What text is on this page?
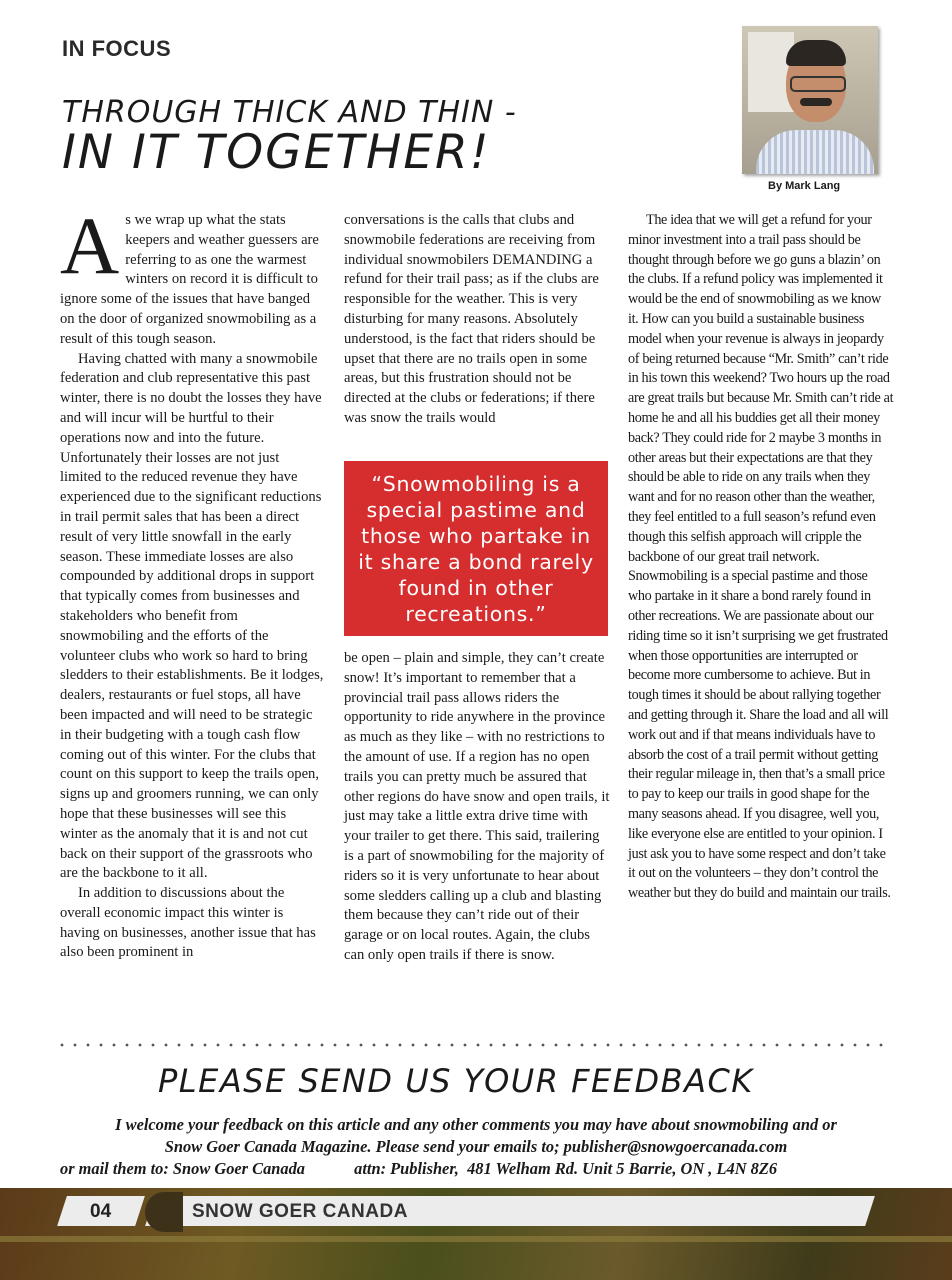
IN FOCUS
THROUGH THICK AND THIN -
IN IT TOGETHER!
By Mark Lang

As we wrap up what the stats keepers and weather guessers are referring to as one the warmest winters on record it is difficult to ignore some of the issues that have banged on the door of organized snowmobiling as a result of this tough season.

Having chatted with many a snowmobile federation and club representative this past winter, there is no doubt the losses they have and will incur will be hurtful to their operations now and into the future. Unfortunately their losses are not just limited to the reduced revenue they have experienced due to the significant reductions in trail permit sales that has been a direct result of very little snowfall in the early season. These immediate losses are also compounded by additional drops in support that typically comes from businesses and stakeholders who benefit from snowmobiling and the efforts of the volunteer clubs who work so hard to bring sledders to their establishments. Be it lodges, dealers, restaurants or fuel stops, all have been impacted and will need to be strategic in their budgeting with a tough cash flow coming out of this winter. For the clubs that count on this support to keep the trails open, signs up and groomers running, we can only hope that these businesses will see this winter as the anomaly that it is and not cut back on their support of the grassroots who are the backbone to it all.

In addition to discussions about the overall economic impact this winter is having on businesses, another issue that has also been prominent in

conversations is the calls that clubs and snowmobile federations are receiving from individual snowmobilers DEMANDING a refund for their trail pass; as if the clubs are responsible for the weather. This is very disturbing for many reasons. Absolutely understood, is the fact that riders should be upset that there are no trails open in some areas, but this frustration should not be directed at the clubs or federations; if there was snow the trails would

“Snowmobiling is a special pastime and those who partake in it share a bond rarely found in other recreations.”

be open – plain and simple, they can’t create snow! It’s important to remember that a provincial trail pass allows riders the opportunity to ride anywhere in the province as much as they like – with no restrictions to the amount of use. If a region has no open trails you can pretty much be assured that other regions do have snow and open trails, it just may take a little extra drive time with your trailer to get there. This said, trailering is a part of snowmobiling for the majority of riders so it is very unfortunate to hear about some sledders calling up a club and blasting them because they can’t ride out of their garage or on local routes. Again, the clubs can only open trails if there is snow.

The idea that we will get a refund for your minor investment into a trail pass should be thought through before we go guns a blazin’ on the clubs. If a refund policy was implemented it would be the end of snowmobiling as we know it. How can you build a sustainable business model when your revenue is always in jeopardy of being returned because “Mr. Smith” can’t ride in his town this weekend? Two hours up the road are great trails but because Mr. Smith can’t ride at home he and all his buddies get all their money back? They could ride for 2 maybe 3 months in other areas but their expectations are that they should be able to ride on any trails when they want and for no reason other than the weather, they feel entitled to a full season’s refund even though this selfish approach will cripple the backbone of our great trail network. Snowmobiling is a special pastime and those who partake in it share a bond rarely found in other recreations. We are passionate about our riding time so it isn’t surprising we get frustrated when those opportunities are interrupted or become more cumbersome to achieve. But in tough times it should be about rallying together and getting through it. Share the load and all will work out and if that means individuals have to absorb the cost of a trail permit without getting their regular mileage in, then that’s a small price to pay to keep our trails in good shape for the many seasons ahead. If you disagree, well you, like everyone else are entitled to your opinion. I just ask you to have some respect and don’t take it out on the volunteers – they don’t control the weather but they do build and maintain our trails.

PLEASE SEND US YOUR FEEDBACK
I welcome your feedback on this article and any other comments you may have about snowmobiling and or
Snow Goer Canada Magazine. Please send your emails to; publisher@snowgoercanada.com
or mail them to: Snow Goer Canada            attn: Publisher,  481 Welham Rd. Unit 5 Barrie, ON , L4N 8Z6
04	SNOW GOER CANADA
